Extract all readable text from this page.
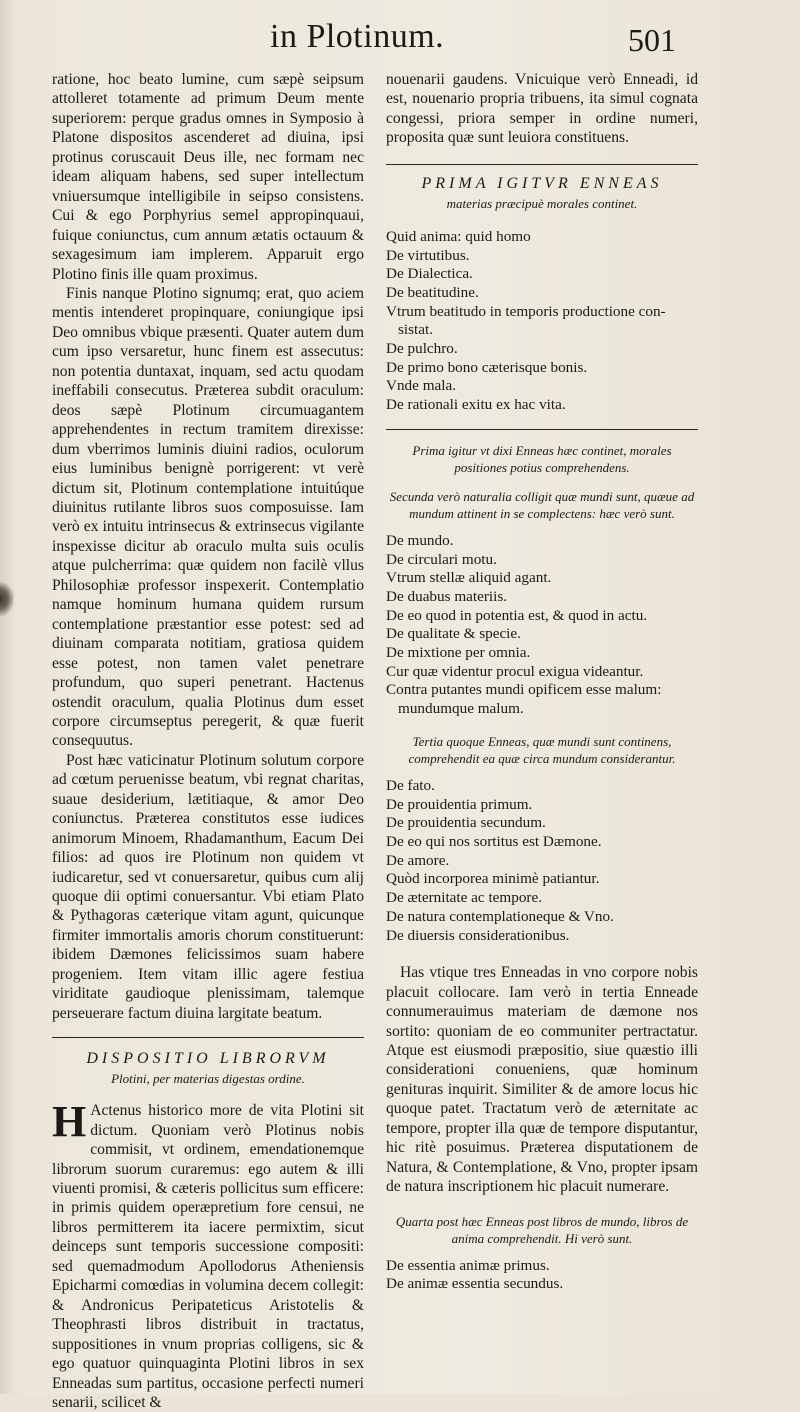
in Plotinum.	501

ratione, hoc beato lumine, cum sæpè seipsum attolleret totamente ad primum Deum mente superiorem: perque gradus omnes in Symposio à Platone dispositos ascenderet ad diuina, ipsi protinus coruscauit Deus ille, nec formam nec ideam aliquam habens, sed super intellectum vniuersumque intelligibile in seipso consistens. Cui & ego Porphyrius semel appropinquaui, fuique coniunctus, cum annum ætatis octauum & sexagesimum iam implerem. Apparuit ergo Plotino finis ille quam proximus.

Finis nanque Plotino signumq; erat, quo aciem mentis intenderet propinquare, coniungique ipsi Deo omnibus vbique præsenti. Quater autem dum cum ipso versaretur, hunc finem est assecutus: non potentia duntaxat, inquam, sed actu quodam ineffabili consecutus. Præterea subdit oraculum: deos sæpè Plotinum circumuagantem apprehendentes in rectum tramitem direxisse: dum vberrimos luminis diuini radios, oculorum eius luminibus benignè porrigerent: vt verè dictum sit, Plotinum contemplatione intuitúque diuinitus rutilante libros suos composuisse. Iam verò ex intuitu intrinsecus & extrinsecus vigilante inspexisse dicitur ab oraculo multa suis oculis atque pulcherrima: quæ quidem non facilè vllus Philosophiæ professor inspexerit. Contemplatio namque hominum humana quidem rursum contemplatione præstantior esse potest: sed ad diuinam comparata notitiam, gratiosa quidem esse potest, non tamen valet penetrare profundum, quo superi penetrant. Hactenus ostendit oraculum, qualia Plotinus dum esset corpore circumseptus peregerit, & quæ fuerit consequutus.

Post hæc vaticinatur Plotinum solutum corpore ad cœtum peruenisse beatum, vbi regnat charitas, suaue desiderium, lætitiaque, & amor Deo coniunctus. Præterea constitutos esse iudices animorum Minoem, Rhadamanthum, Eacum Dei filios: ad quos ire Plotinum non quidem vt iudicaretur, sed vt conuersaretur, quibus cum alij quoque dii optimi conuersantur. Vbi etiam Plato & Pythagoras cæterique vitam agunt, quicunque firmiter immortalis amoris chorum constituerunt: ibidem Dæmones felicissimos suam habere progeniem. Item vitam illic agere festiua viriditate gaudioque plenissimam, talemque perseuerare factum diuina largitate beatum.

DISPOSITIO LIBRORVM

Plotini, per materias digestas ordine.

H Actenus historico more de vita Plotini sit dictum. Quoniam verò Plotinus nobis commisit, vt ordinem, emendationemque librorum suorum curaremus: ego autem & illi viuenti promisi, & cæteris pollicitus sum efficere: in primis quidem operæpretium fore censui, ne libros permitterem ita iacere permixtim, sicut deinceps sunt temporis successione compositi: sed quemadmodum Apollodorus Atheniensis Epicharmi comœdias in volumina decem collegit: & Andronicus Peripateticus Aristotelis & Theophrasti libros distribuit in tractatus, suppositiones in vnum proprias colligens, sic & ego quatuor quinquaginta Plotini libros in sex Enneadas sum partitus, occasione perfecti numeri senarii, scilicet &

nouenarii gaudens. Vnicuique verò Enneadi, id est, nouenario propria tribuens, ita simul cognata congessi, priora semper in ordine numeri, proposita quæ sunt leuiora constituens.

PRIMA IGITVR ENNEAS

materias præcipuè morales continet.

Quid anima: quid homo
De virtutibus.
De Dialectica.
De beatitudine.
Vtrum beatitudo in temporis productione con-
sistat.
De pulchro.
De primo bono cæterisque bonis.
Vnde mala.
De rationali exitu ex hac vita.

Prima igitur vt dixi Enneas hæc continet, morales positiones potius comprehendens.

Secunda verò naturalia colligit quæ mundi sunt, quæue ad mundum attinent in se complectens: hæc verò sunt.

De mundo.
De circulari motu.
Vtrum stellæ aliquid agant.
De duabus materiis.
De eo quod in potentia est, & quod in actu.
De qualitate & specie.
De mixtione per omnia.
Cur quæ videntur procul exigua videantur.
Contra putantes mundi opificem esse malum:
mundumque malum.

Tertia quoque Enneas, quæ mundi sunt continens, comprehendit ea quæ circa mundum considerantur.

De fato.
De prouidentia primum.
De prouidentia secundum.
De eo qui nos sortitus est Dæmone.
De amore.
Quòd incorporea minimè patiantur.
De æternitate ac tempore.
De natura contemplationeque & Vno.
De diuersis considerationibus.

Has vtique tres Enneadas in vno corpore nobis placuit collocare. Iam verò in tertia Enneade connumerauimus materiam de dæmone nos sortito: quoniam de eo communiter pertractatur. Atque est eiusmodi præpositio, siue quæstio illi considerationi conueniens, quæ hominum genituras inquirit. Similiter & de amore locus hic quoque patet. Tractatum verò de æternitate ac tempore, propter illa quæ de tempore disputantur, hic ritè posuimus. Præterea disputationem de Natura, & Contemplatione, & Vno, propter ipsam de natura inscriptionem hic placuit numerare.

Quarta post hæc Enneas post libros de mundo, libros de anima comprehendit. Hi verò sunt.

De essentia animæ primus.
De animæ essentia secundus.
